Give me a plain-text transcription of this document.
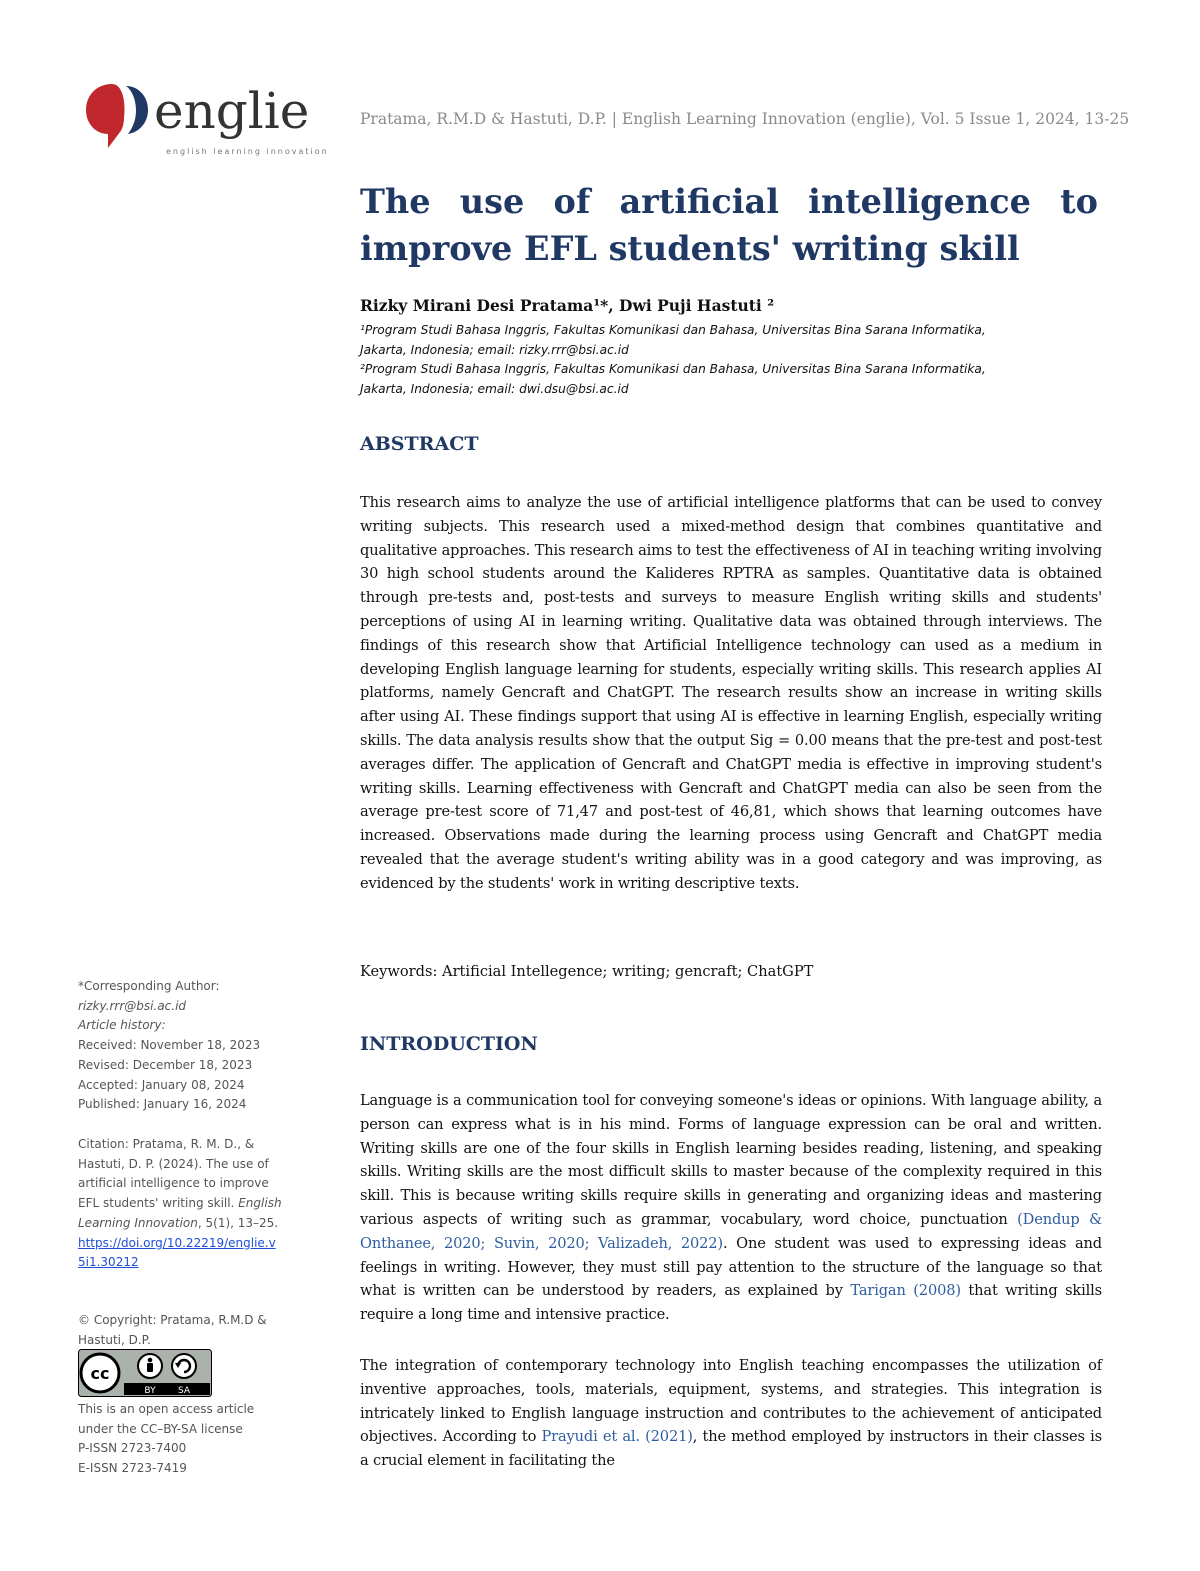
englie
english learning innovation
Pratama, R.M.D & Hastuti, D.P. | English Learning Innovation (englie), Vol. 5 Issue 1, 2024, 13-25
The use of artificial intelligence to
improve EFL students' writing skill
Rizky Mirani Desi Pratama¹*, Dwi Puji Hastuti ²
¹Program Studi Bahasa Inggris, Fakultas Komunikasi dan Bahasa, Universitas Bina Sarana Informatika,
Jakarta, Indonesia; email: rizky.rrr@bsi.ac.id
²Program Studi Bahasa Inggris, Fakultas Komunikasi dan Bahasa, Universitas Bina Sarana Informatika,
Jakarta, Indonesia; email: dwi.dsu@bsi.ac.id
ABSTRACT

This research aims to analyze the use of artificial intelligence platforms that can be used to convey writing subjects. This research used a mixed-method design that combines quantitative and qualitative approaches. This research aims to test the effectiveness of AI in teaching writing involving 30 high school students around the Kalideres RPTRA as samples. Quantitative data is obtained through pre-tests and, post-tests and surveys to measure English writing skills and students' perceptions of using AI in learning writing. Qualitative data was obtained through interviews. The findings of this research show that Artificial Intelligence technology can used as a medium in developing English language learning for students, especially writing skills. This research applies AI platforms, namely Gencraft and ChatGPT. The research results show an increase in writing skills after using AI. These findings support that using AI is effective in learning English, especially writing skills. The data analysis results show that the output Sig = 0.00 means that the pre-test and post-test averages differ. The application of Gencraft and ChatGPT media is effective in improving student's writing skills. Learning effectiveness with Gencraft and ChatGPT media can also be seen from the average pre-test score of 71,47 and post-test of 46,81, which shows that learning outcomes have increased. Observations made during the learning process using Gencraft and ChatGPT media revealed that the average student's writing ability was in a good category and was improving, as evidenced by the students' work in writing descriptive texts.

Keywords: Artificial Intellegence; writing; gencraft; ChatGPT
INTRODUCTION

Language is a communication tool for conveying someone's ideas or opinions. With language ability, a person can express what is in his mind. Forms of language expression can be oral and written. Writing skills are one of the four skills in English learning besides reading, listening, and speaking skills. Writing skills are the most difficult skills to master because of the complexity required in this skill. This is because writing skills require skills in generating and organizing ideas and mastering various aspects of writing such as grammar, vocabulary, word choice, punctuation (Dendup & Onthanee, 2020; Suvin, 2020; Valizadeh, 2022). One student was used to expressing ideas and feelings in writing. However, they must still pay attention to the structure of the language so that what is written can be understood by readers, as explained by Tarigan (2008) that writing skills require a long time and intensive practice.

The integration of contemporary technology into English teaching encompasses the utilization of inventive approaches, tools, materials, equipment, systems, and strategies. This integration is intricately linked to English language instruction and contributes to the achievement of anticipated objectives. According to Prayudi et al. (2021), the method employed by instructors in their classes is a crucial element in facilitating the

*Corresponding Author:
rizky.rrr@bsi.ac.id
Article history:
Received: November 18, 2023
Revised: December 18, 2023
Accepted: January 08, 2024
Published: January 16, 2024
Citation: Pratama, R. M. D., & Hastuti, D. P. (2024). The use of artificial intelligence to improve EFL students' writing skill. English Learning Innovation, 5(1), 13–25.
https://doi.org/10.22219/englie.v5i1.30212
© Copyright: Pratama, R.M.D & Hastuti, D.P.
cc
BY SA
This is an open access article under the CC–BY-SA license
P-ISSN 2723-7400
E-ISSN 2723-7419
